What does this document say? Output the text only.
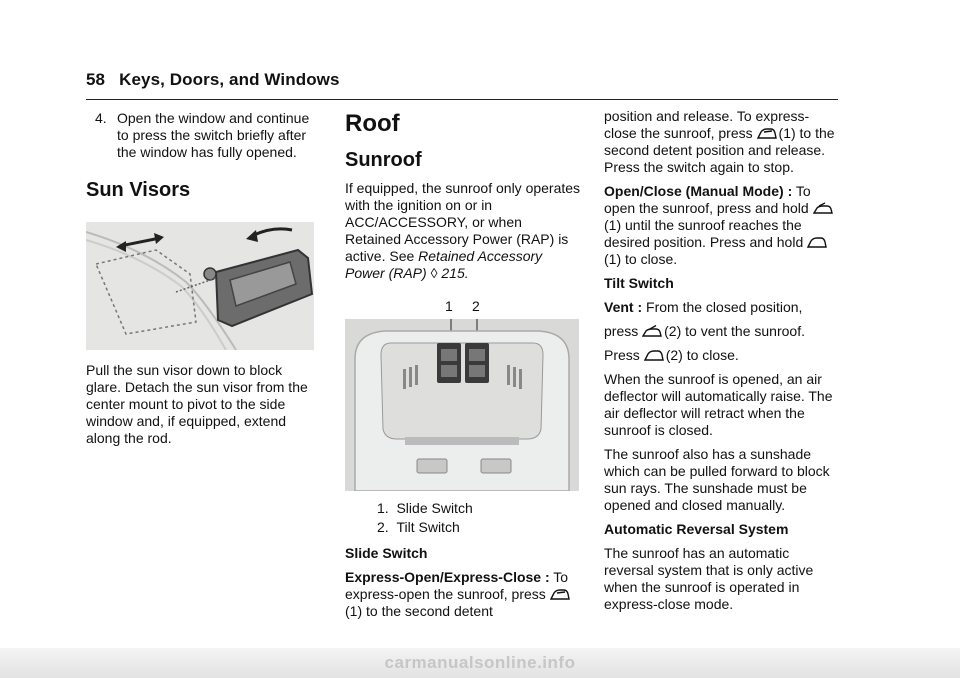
58 Keys, Doors, and Windows

4. Open the window and continue to press the switch briefly after the window has fully opened.

Sun Visors

Pull the sun visor down to block glare. Detach the sun visor from the center mount to pivot to the side window and, if equipped, extend along the rod.

Roof
Sunroof

If equipped, the sunroof only operates with the ignition on or in ACC/ACCESSORY, or when Retained Accessory Power (RAP) is active. See Retained Accessory Power (RAP) ◊ 215.

1 2
1. Slide Switch
2. Tilt Switch
Slide Switch

Express-Open/Express-Close : To express-open the sunroof, press (1) to the second detent

position and release. To express-close the sunroof, press (1) to the second detent position and release. Press the switch again to stop.

Open/Close (Manual Mode) : To open the sunroof, press and hold (1) until the sunroof reaches the desired position. Press and hold (1) to close.

Tilt Switch

Vent : From the closed position,

press (2) to vent the sunroof.

Press (2) to close.

When the sunroof is opened, an air deflector will automatically raise. The air deflector will retract when the sunroof is closed.

The sunroof also has a sunshade which can be pulled forward to block sun rays. The sunshade must be opened and closed manually.

Automatic Reversal System

The sunroof has an automatic reversal system that is only active when the sunroof is operated in express-close mode.

carmanualsonline.info
